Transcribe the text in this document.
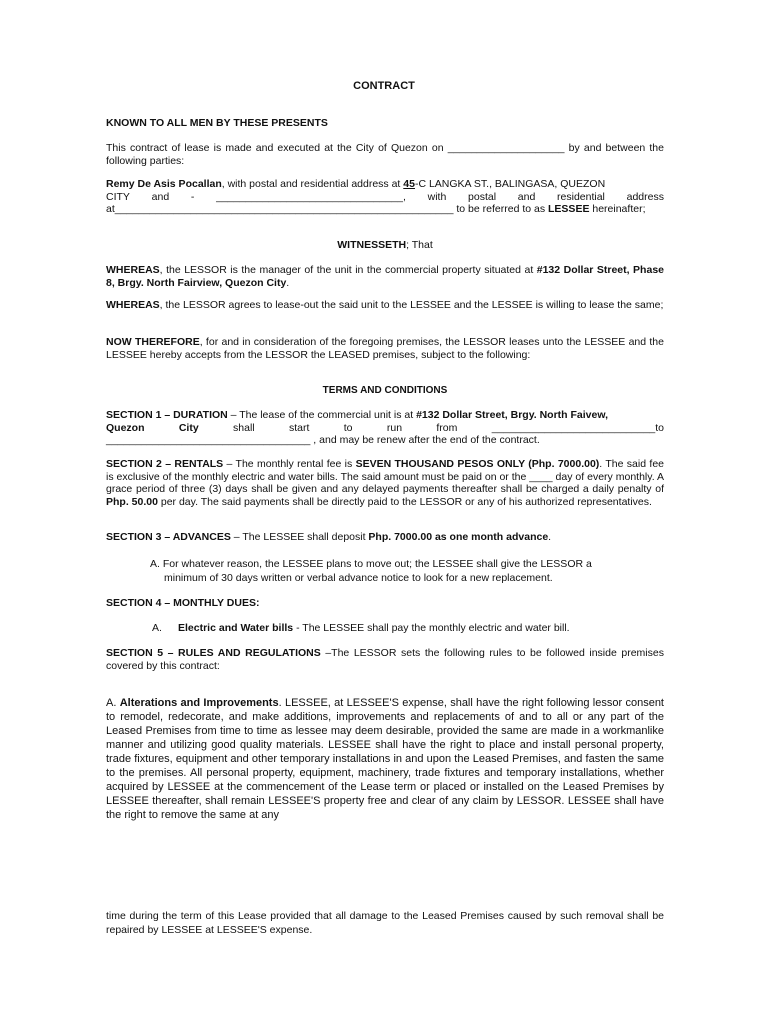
CONTRACT
KNOWN TO ALL MEN BY THESE PRESENTS
This contract of lease is made and executed at the City of Quezon on ____________________ by and between the following parties:
Remy De Asis Pocallan, with postal and residential address at 45-C LANGKA ST., BALINGASA, QUEZON
CITY and - ________________________________, with postal and residential address
at__________________________________________________________ to be referred to as LESSEE hereinafter;
WITNESSETH; That
WHEREAS, the LESSOR is the manager of the unit in the commercial property situated at #132 Dollar Street, Phase 8, Brgy. North Fairview, Quezon City.
WHEREAS, the LESSOR agrees to lease-out the said unit to the LESSEE and the LESSEE is willing to lease the same;
NOW THEREFORE, for and in consideration of the foregoing premises, the LESSOR leases unto the LESSEE and the LESSEE hereby accepts from the LESSOR the LEASED premises, subject to the following:
TERMS AND CONDITIONS
SECTION 1 – DURATION – The lease of the commercial unit is at #132 Dollar Street, Brgy. North Faivew,
Quezon	City	shall	start	to	run	from	____________________________to
___________________________________ , and may be renew after the end of the contract.
SECTION 2 – RENTALS – The monthly rental fee is SEVEN THOUSAND PESOS ONLY (Php. 7000.00). The said fee is exclusive of the monthly electric and water bills. The said amount must be paid on or the ____ day of every monthly. A grace period of three (3) days shall be given and any delayed payments thereafter shall be charged a daily penalty of Php. 50.00 per day. The said payments shall be directly paid to the LESSOR or any of his authorized representatives.
SECTION 3 – ADVANCES – The LESSEE shall deposit Php. 7000.00 as one month advance.
A. For whatever reason, the LESSEE plans to move out; the LESSEE shall give the LESSOR a
minimum of 30 days written or verbal advance notice to look for a new replacement.
SECTION 4 – MONTHLY DUES:
A. Electric and Water bills - The LESSEE shall pay the monthly electric and water bill.
SECTION 5 – RULES AND REGULATIONS –The LESSOR sets the following rules to be followed inside premises covered by this contract:
A. Alterations and Improvements. LESSEE, at LESSEE'S expense, shall have the right following lessor consent to remodel, redecorate, and make additions, improvements and replacements of and to all or any part of the Leased Premises from time to time as lessee may deem desirable, provided the same are made in a workmanlike manner and utilizing good quality materials. LESSEE shall have the right to place and install personal property, trade fixtures, equipment and other temporary installations in and upon the Leased Premises, and fasten the same to the premises. All personal property, equipment, machinery, trade fixtures and temporary installations, whether acquired by LESSEE at the commencement of the Lease term or placed or installed on the Leased Premises by LESSEE thereafter, shall remain LESSEE'S property free and clear of any claim by LESSOR. LESSEE shall have the right to remove the same at any
time during the term of this Lease provided that all damage to the Leased Premises caused by such removal shall be repaired by LESSEE at LESSEE'S expense.
